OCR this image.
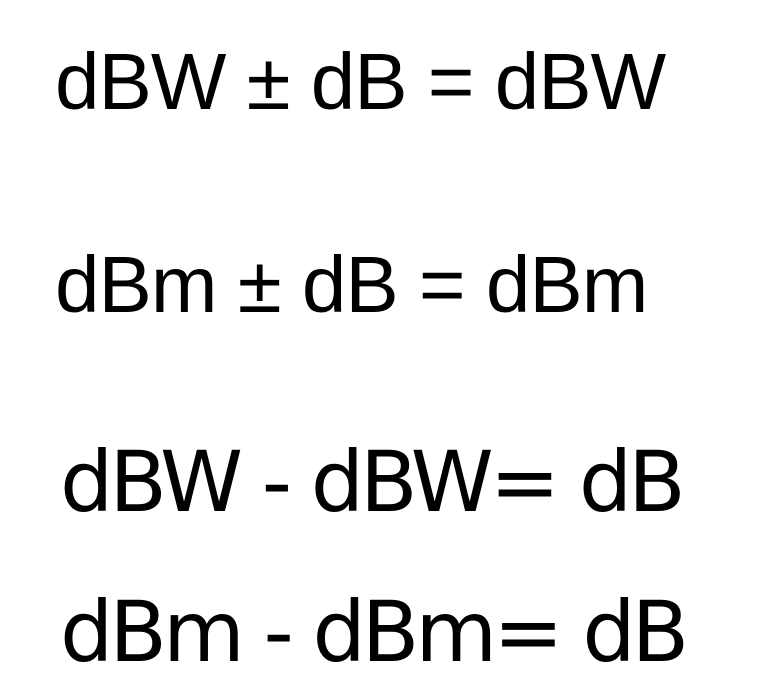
dBW ± dB = dBW
dBm ± dB = dBm
dBW - dBW= dB
dBm - dBm= dB
